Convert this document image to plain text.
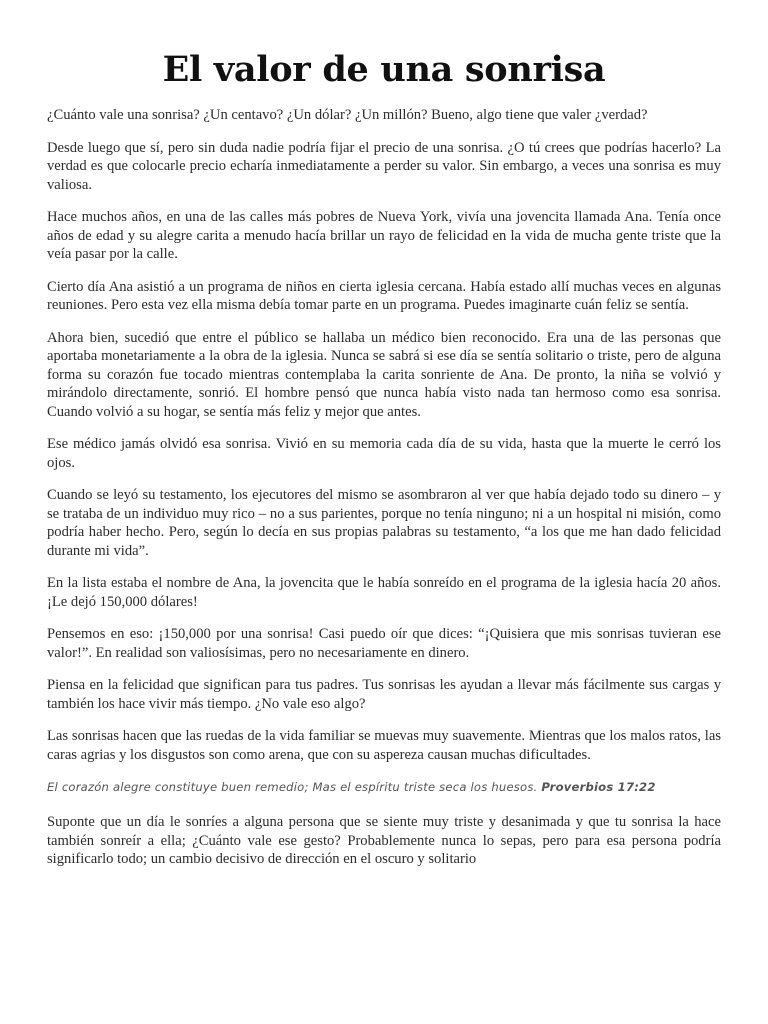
El valor de una sonrisa

¿Cuánto vale una sonrisa? ¿Un centavo? ¿Un dólar? ¿Un millón? Bueno, algo tiene que valer ¿verdad?

Desde luego que sí, pero sin duda nadie podría fijar el precio de una sonrisa. ¿O tú crees que podrías hacerlo? La verdad es que colocarle precio echaría inmediatamente a perder su valor. Sin embargo, a veces una sonrisa es muy valiosa.

Hace muchos años, en una de las calles más pobres de Nueva York, vivía una jovencita llamada Ana. Tenía once años de edad y su alegre carita a menudo hacía brillar un rayo de felicidad en la vida de mucha gente triste que la veía pasar por la calle.

Cierto día Ana asistió a un programa de niños en cierta iglesia cercana. Había estado allí muchas veces en algunas reuniones. Pero esta vez ella misma debía tomar parte en un programa. Puedes imaginarte cuán feliz se sentía.

Ahora bien, sucedió que entre el público se hallaba un médico bien reconocido. Era una de las personas que aportaba monetariamente a la obra de la iglesia. Nunca se sabrá si ese día se sentía solitario o triste, pero de alguna forma su corazón fue tocado mientras contemplaba la carita sonriente de Ana. De pronto, la niña se volvió y mirándolo directamente, sonrió. El hombre pensó que nunca había visto nada tan hermoso como esa sonrisa. Cuando volvió a su hogar, se sentía más feliz y mejor que antes.

Ese médico jamás olvidó esa sonrisa. Vivió en su memoria cada día de su vida, hasta que la muerte le cerró los ojos.

Cuando se leyó su testamento, los ejecutores del mismo se asombraron al ver que había dejado todo su dinero – y se trataba de un individuo muy rico – no a sus parientes, porque no tenía ninguno; ni a un hospital ni misión, como podría haber hecho. Pero, según lo decía en sus propias palabras su testamento, “a los que me han dado felicidad durante mi vida”.

En la lista estaba el nombre de Ana, la jovencita que le había sonreído en el programa de la iglesia hacía 20 años. ¡Le dejó 150,000 dólares!

Pensemos en eso: ¡150,000 por una sonrisa! Casi puedo oír que dices: “¡Quisiera que mis sonrisas tuvieran ese valor!”. En realidad son valiosísimas, pero no necesariamente en dinero.

Piensa en la felicidad que significan para tus padres. Tus sonrisas les ayudan a llevar más fácilmente sus cargas y también los hace vivir más tiempo. ¿No vale eso algo?

Las sonrisas hacen que las ruedas de la vida familiar se muevas muy suavemente. Mientras que los malos ratos, las caras agrias y los disgustos son como arena, que con su aspereza causan muchas dificultades.

El corazón alegre constituye buen remedio; Mas el espíritu triste seca los huesos. Proverbios 17:22

Suponte que un día le sonríes a alguna persona que se siente muy triste y desanimada y que tu sonrisa la hace también sonreír a ella; ¿Cuánto vale ese gesto? Probablemente nunca lo sepas, pero para esa persona podría significarlo todo; un cambio decisivo de dirección en el oscuro y solitario
